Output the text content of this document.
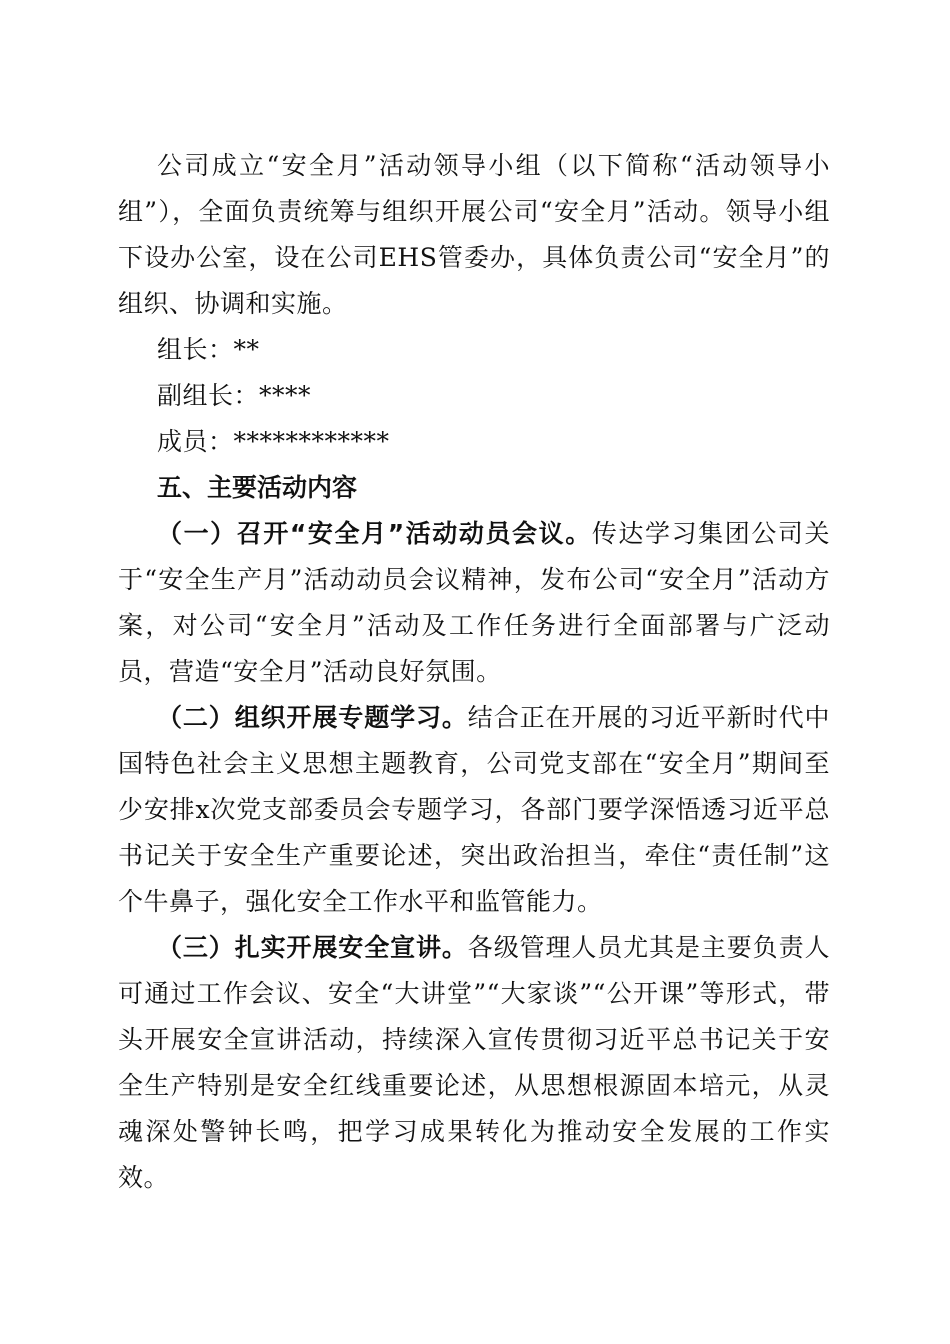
公司成立“安全月”活动领导小组（以下简称“活动领导小组”），全面负责统筹与组织开展公司“安全月”活动。领导小组下设办公室，设在公司EHS管委办，具体负责公司“安全月”的组织、协调和实施。

组长：**

副组长：****

成员：************

五、主要活动内容

（一）召开“安全月”活动动员会议。传达学习集团公司关于“安全生产月”活动动员会议精神，发布公司“安全月”活动方案，对公司“安全月”活动及工作任务进行全面部署与广泛动员，营造“安全月”活动良好氛围。

（二）组织开展专题学习。结合正在开展的习近平新时代中国特色社会主义思想主题教育，公司党支部在“安全月”期间至少安排x次党支部委员会专题学习，各部门要学深悟透习近平总书记关于安全生产重要论述，突出政治担当，牵住“责任制”这个牛鼻子，强化安全工作水平和监管能力。

（三）扎实开展安全宣讲。各级管理人员尤其是主要负责人可通过工作会议、安全“大讲堂”“大家谈”“公开课”等形式，带头开展安全宣讲活动，持续深入宣传贯彻习近平总书记关于安全生产特别是安全红线重要论述，从思想根源固本培元，从灵魂深处警钟长鸣，把学习成果转化为推动安全发展的工作实效。
